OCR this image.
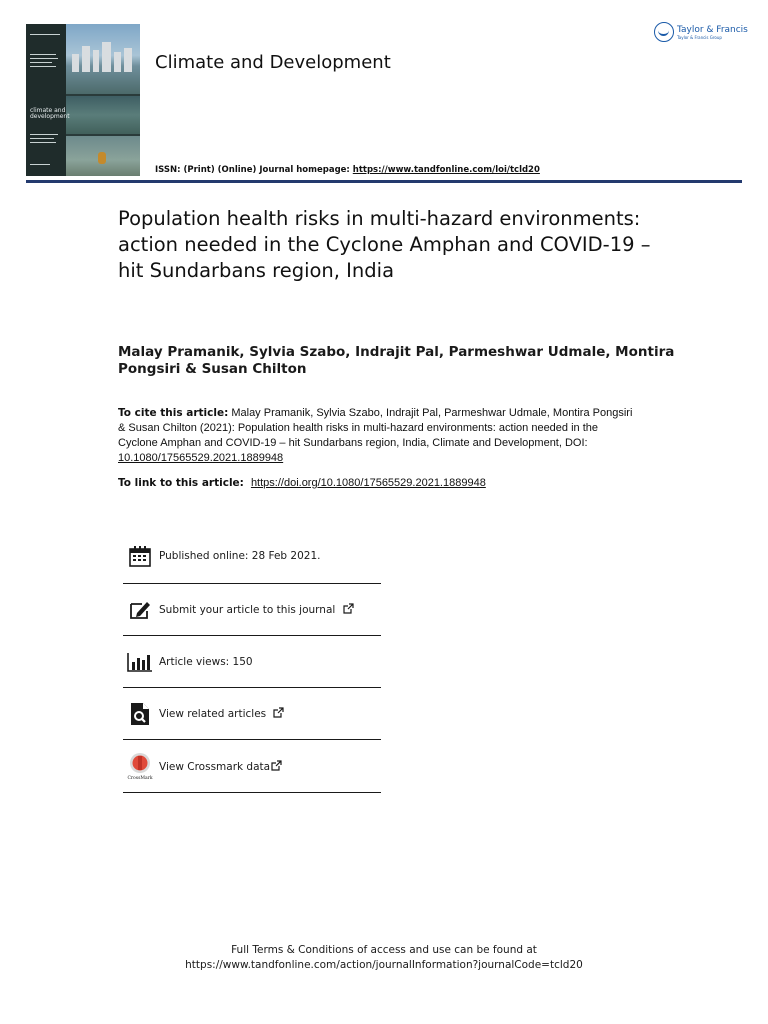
climate and
development
Climate and Development
ISSN: (Print) (Online) Journal homepage: https://www.tandfonline.com/loi/tcld20
Taylor & Francis
Taylor & Francis Group
Population health risks in multi-hazard environments: action needed in the Cyclone Amphan and COVID-19 – hit Sundarbans region, India
Malay Pramanik, Sylvia Szabo, Indrajit Pal, Parmeshwar Udmale, Montira Pongsiri & Susan Chilton
To cite this article: Malay Pramanik, Sylvia Szabo, Indrajit Pal, Parmeshwar Udmale, Montira Pongsiri & Susan Chilton (2021): Population health risks in multi-hazard environments: action needed in the Cyclone Amphan and COVID-19 – hit Sundarbans region, India, Climate and Development, DOI: 10.1080/17565529.2021.1889948
To link to this article: https://doi.org/10.1080/17565529.2021.1889948
Published online: 28 Feb 2021.
Submit your article to this journal
Article views: 150
View related articles
CrossMark
View Crossmark data
Full Terms & Conditions of access and use can be found at
https://www.tandfonline.com/action/journalInformation?journalCode=tcld20
